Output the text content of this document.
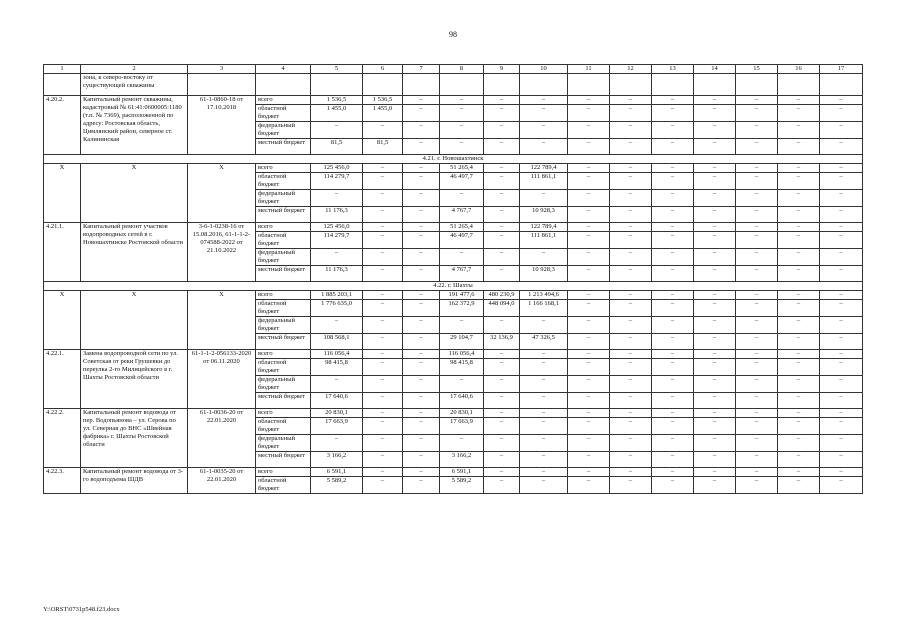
98
1	2	3	4	5	6	7	8	9	10	11	12	13	14	15	16	17
	зона, к северо-востоку от существующей скважины															
4.20.2.	Капитальный ремонт скважины, кадастровый № 61:41:0600005:1180 (т.п. № 7369), расположенной по адресу: Ростовская область, Цимлянский район, северное ст. Калининская	61-1-0860-18 от 17.10.2018	всего	1 536,5	1 536,5	–	–	–	–	–	–	–	–	–	–	–
			областной бюджет	1 455,0	1 455,0	–	–	–	–	–	–	–	–	–	–	–
			федеральный бюджет	–	–	–	–	–	–	–	–	–	–	–	–	–
			местный бюджет	81,5	81,5	–	–	–	–	–	–	–	–	–	–	–
4.21. г. Новошахтинск																
Х	Х	Х	всего	125 456,0	–	–	51 265,4	–	122 789,4	–	–	–	–	–	–	–
			областной бюджет	114 279,7	–	–	46 497,7	–	111 861,1	–	–	–	–	–	–	–
			федеральный бюджет	–	–	–	–	–	–	–	–	–	–	–	–	–
			местный бюджет	11 176,3	–	–	4 767,7	–	10 928,3	–	–	–	–	–	–	–
4.21.1.	Капитальный ремонт участков водопроводных сетей в г. Новошахтинске Ростовской области	3-6-1-0238-16 от 15.08.2016, 61-1-1-2-074588-2022 от 21.10.2022	всего	125 456,0	–	–	51 265,4	–	122 789,4	–	–	–	–	–	–	–
			областной бюджет	114 279,7	–	–	46 497,7	–	111 861,1	–	–	–	–	–	–	–
			федеральный бюджет	–	–	–	–	–	–	–	–	–	–	–	–	–
			местный бюджет	11 176,3	–	–	4 767,7	–	10 928,3	–	–	–	–	–	–	–
4.22. г. Шахты																
Х	Х	Х	всего	1 885 203,1	–	–	191 477,6	480 230,9	1 213 494,6	–	–	–	–	–	–	–
			областной бюджет	1 776 635,0	–	–	162 372,9	448 094,0	1 166 168,1	–	–	–	–	–	–	–
			федеральный бюджет	–	–	–	–	–	–	–	–	–	–	–	–	–
			местный бюджет	108 568,1	–	–	29 104,7	32 136,9	47 326,5	–	–	–	–	–	–	–
4.22.1.	Замена водопроводной сети по ул. Советская от реки Грушевки до переулка 2-го Милицейского в г. Шахты Ростовской области	61-1-1-2-056133-2020 от 06.11.2020	всего	116 056,4	–	–	116 056,4	–	–	–	–	–	–	–	–	–
			областной бюджет	98 415,8	–	–	98 415,8	–	–	–	–	–	–	–	–	–
			федеральный бюджет	–	–	–	–	–	–	–	–	–	–	–	–	–
			местный бюджет	17 640,6	–	–	17 640,6	–	–	–	–	–	–	–	–	–
4.22.2.	Капитальный ремонт водовода от пер. Водопьянова – ул. Серова по ул. Северная до ВНС «Швейная фабрика» г. Шахты Ростовской области	61-1-0036-20 от 22.01.2020	всего	20 830,1	–	–	20 830,1	–	–	–	–	–	–	–	–	–
			областной бюджет	17 663,9	–	–	17 663,9	–	–	–	–	–	–	–	–	–
			федеральный бюджет	–	–	–	–	–	–	–	–	–	–	–	–	–
			местный бюджет	3 166,2	–	–	3 166,2	–	–	–	–	–	–	–	–	–
4.22.3.	Капитальный ремонт водовода от 3-го водоподъема ШДВ	61-1-0035-20 от 22.01.2020	всего	6 591,1	–	–	6 591,1	–	–	–	–	–	–	–	–	–
			областной бюджет	5 589,2	–	–	5 589,2	–	–	–	–	–	–	–	–	–
Y:\ORST\0731p548.f23.docx
